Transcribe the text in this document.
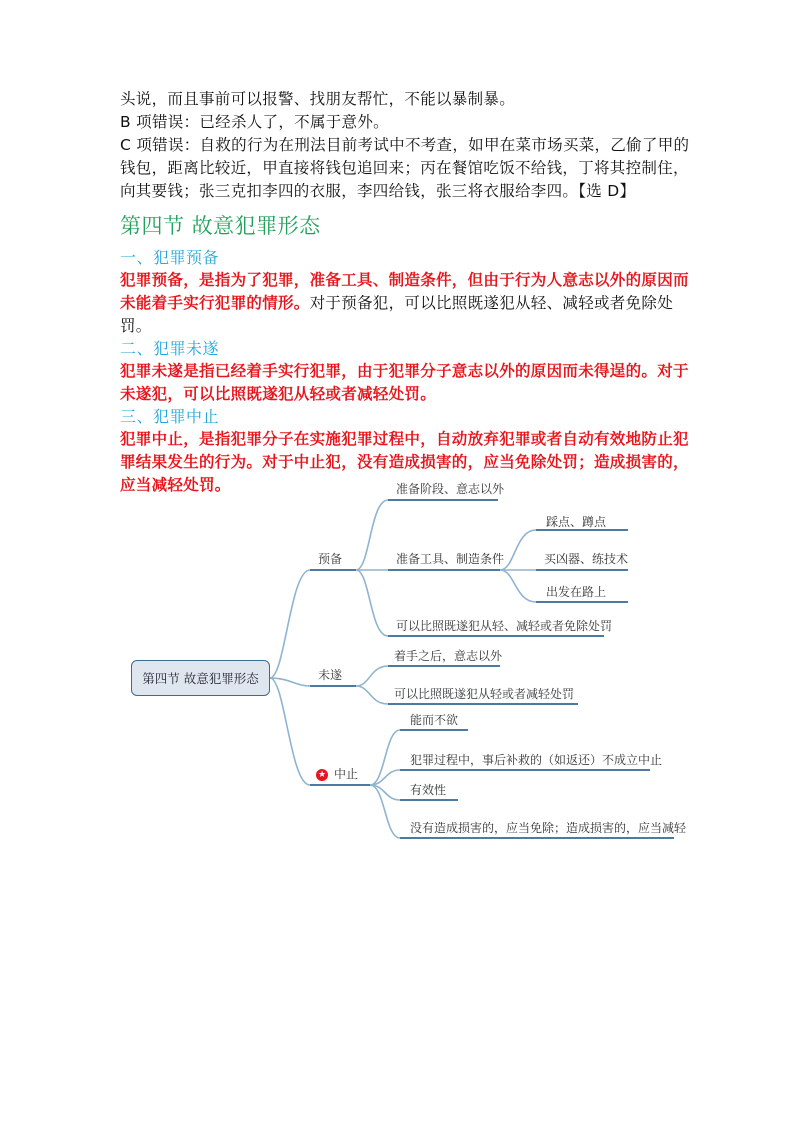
头说，而且事前可以报警、找朋友帮忙，不能以暴制暴。

B 项错误：已经杀人了，不属于意外。

C 项错误：自救的行为在刑法目前考试中不考查，如甲在菜市场买菜，乙偷了甲的钱包，距离比较近，甲直接将钱包追回来；丙在餐馆吃饭不给钱，丁将其控制住，向其要钱；张三克扣李四的衣服，李四给钱，张三将衣服给李四。【选 D】

第四节 故意犯罪形态
一、犯罪预备

犯罪预备，是指为了犯罪，准备工具、制造条件，但由于行为人意志以外的原因而未能着手实行犯罪的情形。对于预备犯，可以比照既遂犯从轻、减轻或者免除处罚。

二、犯罪未遂

犯罪未遂是指已经着手实行犯罪，由于犯罪分子意志以外的原因而未得逞的。对于未遂犯，可以比照既遂犯从轻或者减轻处罚。

三、犯罪中止

犯罪中止，是指犯罪分子在实施犯罪过程中，自动放弃犯罪或者自动有效地防止犯罪结果发生的行为。对于中止犯，没有造成损害的，应当免除处罚；造成损害的，应当减轻处罚。

第四节 故意犯罪形态
预备
准备阶段、意志以外
准备工具、制造条件
踩点、蹲点
买凶器、练技术
出发在路上
可以比照既遂犯从轻、减轻或者免除处罚
未遂
着手之后，意志以外
可以比照既遂犯从轻或者减轻处罚
★ 中止
能而不欲
犯罪过程中，事后补救的（如返还）不成立中止
有效性
没有造成损害的，应当免除；造成损害的，应当减轻
